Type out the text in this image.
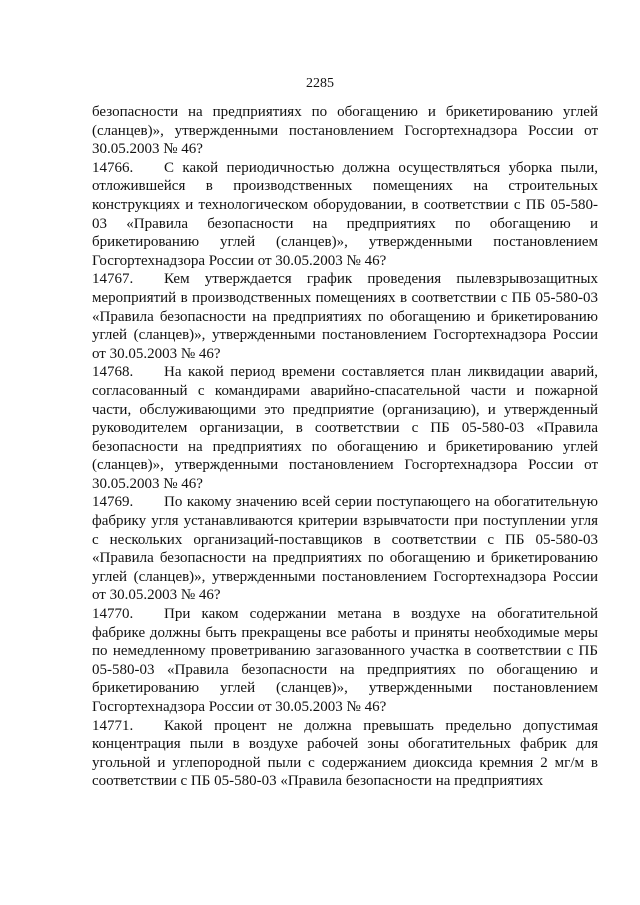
2285

безопасности на предприятиях по обогащению и брикетированию углей (сланцев)», утвержденными постановлением Госгортехнадзора России от 30.05.2003 № 46?

14766. С какой периодичностью должна осуществляться уборка пыли, отложившейся в производственных помещениях на строительных конструкциях и технологическом оборудовании, в соответствии с ПБ 05-580-03 «Правила безопасности на предприятиях по обогащению и брикетированию углей (сланцев)», утвержденными постановлением Госгортехнадзора России от 30.05.2003 № 46?

14767. Кем утверждается график проведения пылевзрывозащитных мероприятий в производственных помещениях в соответствии с ПБ 05-580-03 «Правила безопасности на предприятиях по обогащению и брикетированию углей (сланцев)», утвержденными постановлением Госгортехнадзора России от 30.05.2003 № 46?

14768. На какой период времени составляется план ликвидации аварий, согласованный с командирами аварийно-спасательной части и пожарной части, обслуживающими это предприятие (организацию), и утвержденный руководителем организации, в соответствии с ПБ 05-580-03 «Правила безопасности на предприятиях по обогащению и брикетированию углей (сланцев)», утвержденными постановлением Госгортехнадзора России от 30.05.2003 № 46?

14769. По какому значению всей серии поступающего на обогатительную фабрику угля устанавливаются критерии взрывчатости при поступлении угля с нескольких организаций-поставщиков в соответствии с ПБ 05-580-03 «Правила безопасности на предприятиях по обогащению и брикетированию углей (сланцев)», утвержденными постановлением Госгортехнадзора России от 30.05.2003 № 46?

14770. При каком содержании метана в воздухе на обогатительной фабрике должны быть прекращены все работы и приняты необходимые меры по немедленному проветриванию загазованного участка в соответствии с ПБ 05-580-03 «Правила безопасности на предприятиях по обогащению и брикетированию углей (сланцев)», утвержденными постановлением Госгортехнадзора России от 30.05.2003 № 46?

14771. Какой процент не должна превышать предельно допустимая концентрация пыли в воздухе рабочей зоны обогатительных фабрик для угольной и углепородной пыли с содержанием диоксида кремния 2 мг/м в соответствии с ПБ 05-580-03 «Правила безопасности на предприятиях
